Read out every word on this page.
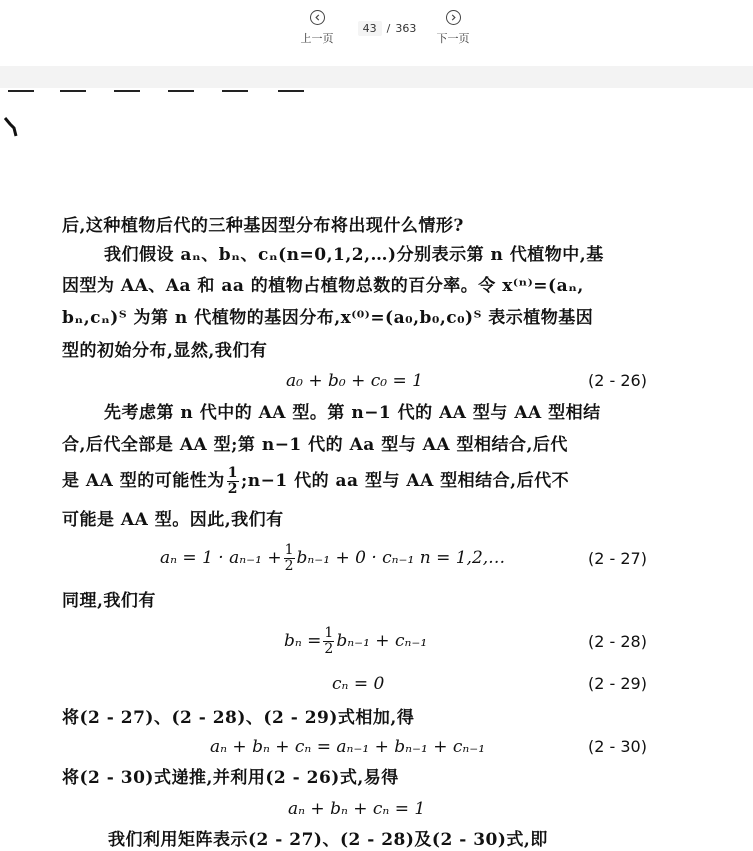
上一页
43 / 363
下一页
后,这种植物后代的三种基因型分布将出现什么情形?
我们假设 aₙ、bₙ、cₙ(n=0,1,2,…)分别表示第 n 代植物中,基
因型为 AA、Aa 和 aa 的植物占植物总数的百分率。令 x⁽ⁿ⁾=(aₙ,
bₙ,cₙ)ᵀ 为第 n 代植物的基因分布,x⁽⁰⁾=(a₀,b₀,c₀)ᵀ 表示植物基因
型的初始分布,显然,我们有
a₀ + b₀ + c₀ = 1	(2 - 26)
先考虑第 n 代中的 AA 型。第 n−1 代的 AA 型与 AA 型相结
合,后代全部是 AA 型;第 n−1 代的 Aa 型与 AA 型相结合,后代
是 AA 型的可能性为 $\frac{1}{2}$ ;n−1 代的 aa 型与 AA 型相结合,后代不
可能是 AA 型。因此,我们有
$a_n = 1 \cdot a_{n-1} + \frac{1}{2} b_{n-1} + 0 \cdot c_{n-1}$ n = 1,2,…	(2 - 27)
同理,我们有
$b_n = \frac{1}{2} b_{n-1} + c_{n-1}$	(2 - 28)
cₙ = 0	(2 - 29)
将(2 - 27)、(2 - 28)、(2 - 29)式相加,得
aₙ + bₙ + cₙ = aₙ₋₁ + bₙ₋₁ + cₙ₋₁	(2 - 30)
将(2 - 30)式递推,并利用(2 - 26)式,易得
aₙ + bₙ + cₙ = 1
我们利用矩阵表示(2 - 27)、(2 - 28)及(2 - 30)式,即
